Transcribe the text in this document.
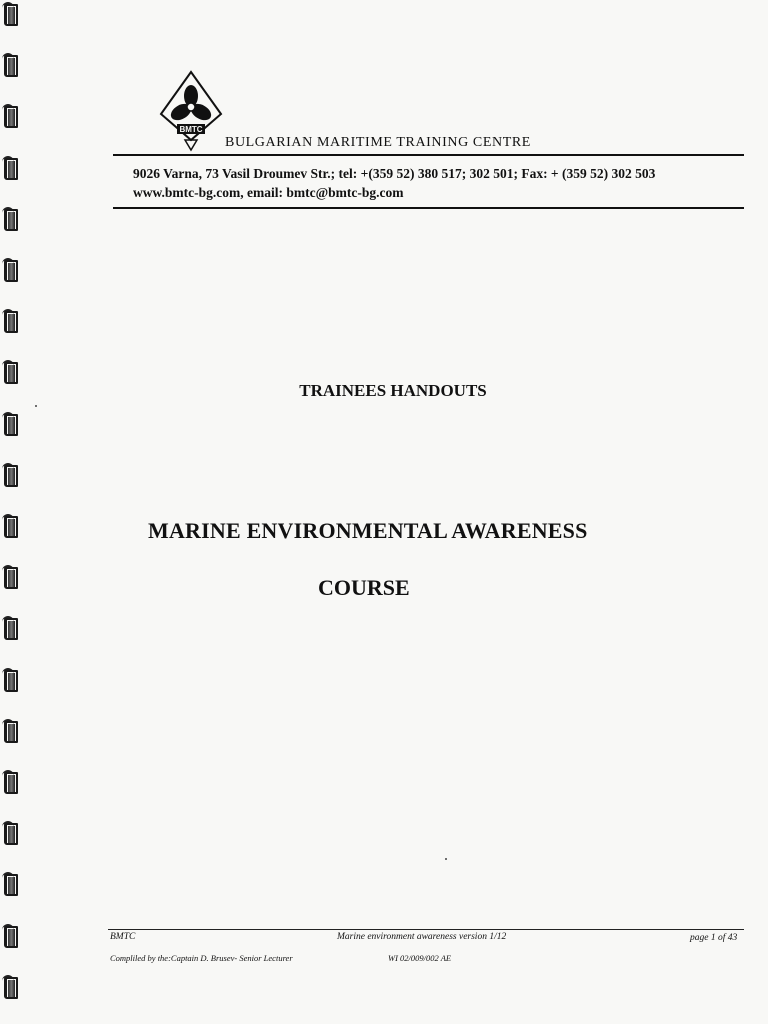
BMTC
BULGARIAN MARITIME TRAINING CENTRE
9026 Varna, 73 Vasil Droumev Str.; tel: +(359 52) 380 517; 302 501; Fax: + (359 52) 302 503
www.bmtc-bg.com, email: bmtc@bmtc-bg.com
TRAINEES HANDOUTS
MARINE ENVIRONMENTAL AWARENESS
COURSE
BMTC	Marine environment awareness version 1/12	page 1 of 43
Compliled by the:Captain D. Brusev- Senior Lecturer	WI 02/009/002 AE
